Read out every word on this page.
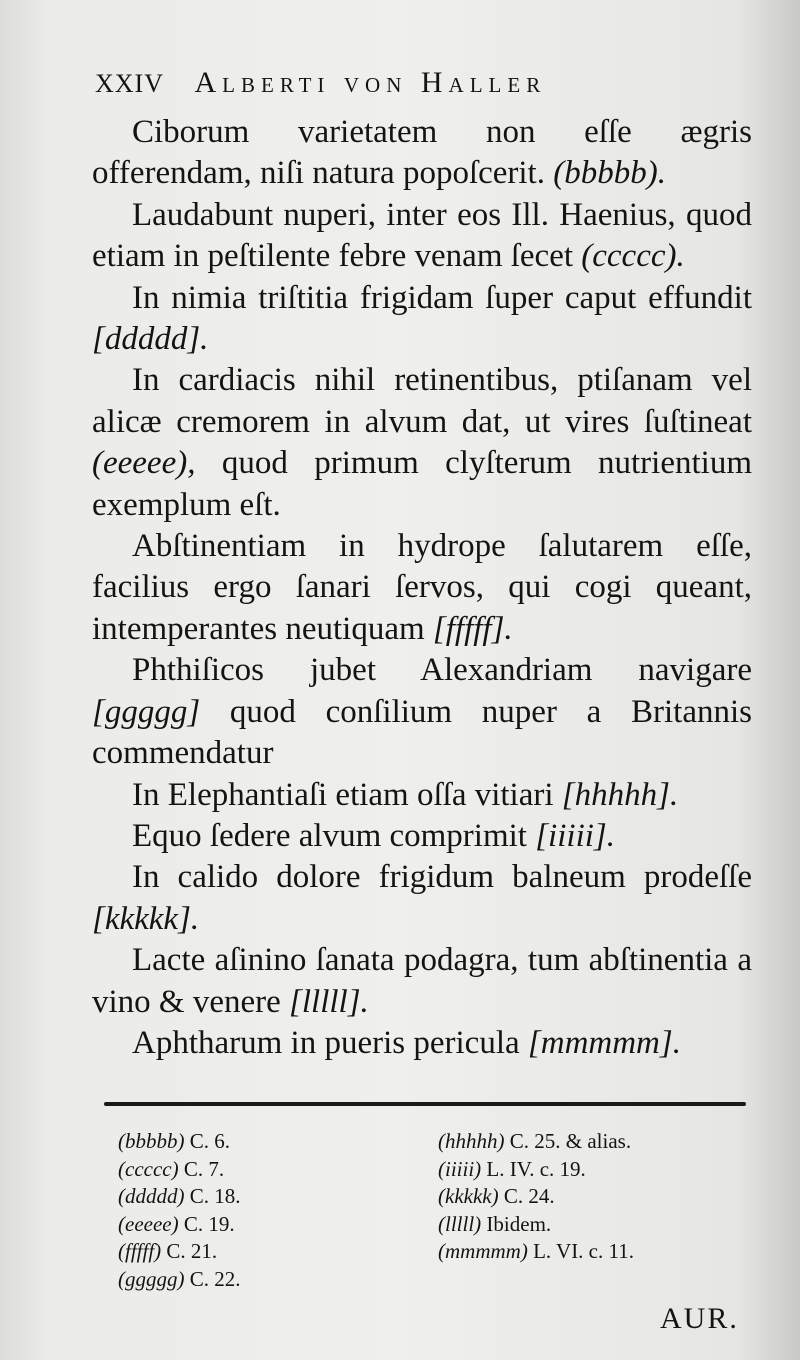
XXIV Alberti von Haller

Ciborum varietatem non eſſe ægris offerendam, niſi natura popoſcerit. (bbbbb).

Laudabunt nuperi, inter eos Ill. Haenius, quod etiam in peſtilente febre venam ſecet (ccccc).

In nimia triſtitia frigidam ſuper caput effundit [ddddd].

In cardiacis nihil retinentibus, ptiſanam vel alicæ cremorem in alvum dat, ut vires ſuſtineat (eeeee), quod primum clyſterum nutrientium exemplum eſt.

Abſtinentiam in hydrope ſalutarem eſſe, facilius ergo ſanari ſervos, qui cogi queant, intemperantes neutiquam [fffff].

Phthiſicos jubet Alexandriam navigare [ggggg] quod conſilium nuper a Britannis commendatur

In Elephantiaſi etiam oſſa vitiari [hhhhh].

Equo ſedere alvum comprimit [iiiii].

In calido dolore frigidum balneum prodeſſe [kkkkk].

Lacte aſinino ſanata podagra, tum abſtinentia a vino & venere [lllll].

Aphtharum in pueris pericula [mmmmm].

(bbbbb) C. 6.
(ccccc) C. 7.
(ddddd) C. 18.
(eeeee) C. 19.
(fffff) C. 21.
(ggggg) C. 22.
(hhhhh) C. 25. & alias.
(iiiii) L. IV. c. 19.
(kkkkk) C. 24.
(lllll) Ibidem.
(mmmmm) L. VI. c. 11.
AUR.
